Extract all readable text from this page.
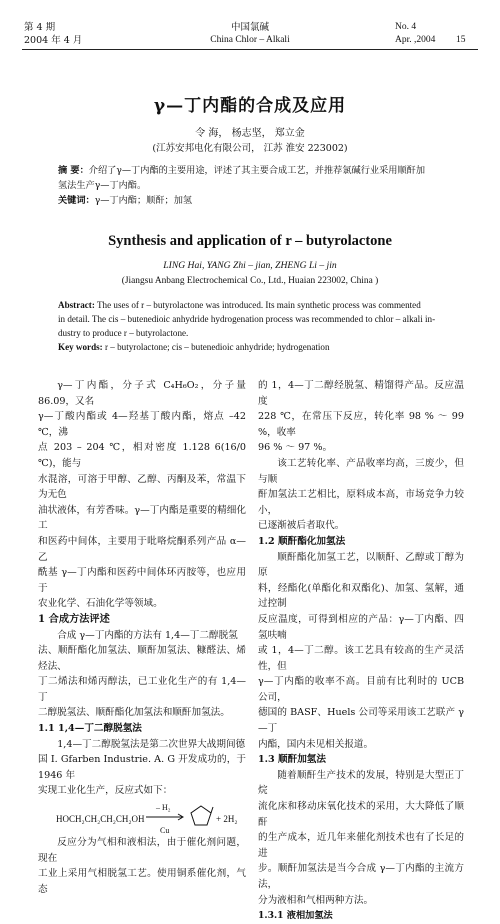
第 4 期
2004 年 4 月
中国氯碱
China Chlor – Alkali
No. 4
Apr. ,2004 15
γ—丁内酯的合成及应用
令 海， 杨志坚， 郑立金
(江苏安邦电化有限公司， 江苏 淮安 223002)
摘 要：介绍了γ—丁内酯的主要用途，评述了其主要合成工艺，并推荐氯碱行业采用顺酐加
氢法生产γ—丁内酯。
关键词：γ—丁内酯；顺酐；加氢
Synthesis and application of r – butyrolactone
LING Hai, YANG Zhi – jian, ZHENG Li – jin
(Jiangsu Anbang Electrochemical Co., Ltd., Huaian 223002, China )
Abstract: The uses of r – butyrolactone was introduced. Its main synthetic process was commented
in detail. The cis – butenedioic anhydride hydrogenation process was recommended to chlor – alkali in-
dustry to produce r – butyrolactone.
Key words: r – butyrolactone; cis – butenedioic anhydride; hydrogenation
γ—丁内酯，分子式 C₄H₆O₂，分子量 86.09，又名
γ—丁酸内酯或 4—羟基丁酸内酯，熔点 –42 ℃，沸
点 203 – 204 ℃，相对密度 1.128 6(16/0 ℃)，能与
水混溶，可溶于甲醇、乙醇、丙酮及苯，常温下为无色
油状液体，有芳香味。γ—丁内酯是重要的精细化工
和医药中间体，主要用于吡咯烷酮系列产品 α—乙
酰基 γ—丁内酯和医药中间体环丙胺等，也应用于
农业化学、石油化学等领域。
1 合成方法评述
合成 γ—丁内酯的方法有 1,4—丁二醇脱氢
法、顺酐酯化加氢法、顺酐加氢法、糠醛法、烯烃法、
丁二烯法和烯丙醇法，已工业化生产的有 1,4—丁
二醇脱氢法、顺酐酯化加氢法和顺酐加氢法。
1.1 1,4—丁二醇脱氢法
1,4—丁二醇脱氢法是第二次世界大战期间德
国 I. Gfarben Industrie. A. G 开发成功的，于 1946 年
实现工业化生产，反应式如下：
HOCH₂CH₂CH₂CH₂OH
– H₂
Cu
+ 2H₂
反应分为气相和液相法，由于催化剂问题，现在
工业上采用气相脱氢工艺。使用铜系催化剂，气态
的 1，4—丁二醇经脱氢、精馏得产品。反应温度
228 ℃，在常压下反应，转化率 98 % ～ 99 %，收率
96 % ～ 97 %。
该工艺转化率、产品收率均高，三废少，但与顺
酐加氢法工艺相比，原料成本高，市场竞争力较小，
已逐渐被后者取代。
1.2 顺酐酯化加氢法
顺酐酯化加氢工艺，以顺酐、乙醇或丁醇为原
料，经酯化(单酯化和双酯化)、加氢、氢解，通过控制
反应温度，可得到相应的产品：γ—丁内酯、四氢呋喃
或 1，4—丁二醇。该工艺具有较高的生产灵活性，但
γ—丁内酯的收率不高。目前有比利时的 UCB 公司，
德国的 BASF、Huels 公司等采用该工艺联产 γ—丁
内酯，国内未见相关报道。
1.3 顺酐加氢法
随着顺酐生产技术的发展，特别是大型正丁烷
流化床和移动床氧化技术的采用，大大降低了顺酐
的生产成本，近几年来催化剂技术也有了长足的进
步。顺酐加氢法是当今合成 γ—丁内酯的主流方法，
分为液相和气相两种方法。
1.3.1 液相加氢法
